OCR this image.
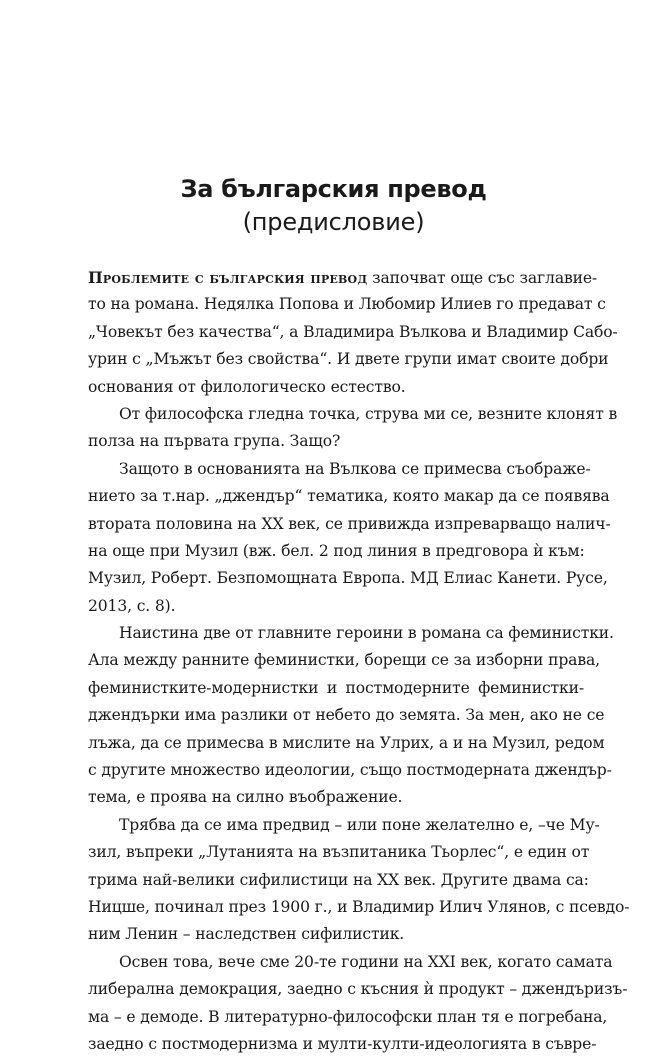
За българския превод
(предисловие)
Проблемите с българския превод започват още със заглавие-
то на романа. Недялка Попова и Любомир Илиев го предават с
„Човекът без качества“, а Владимира Вълкова и Владимир Сабо-
урин с „Мъжът без свойства“. И двете групи имат своите добри
основания от филологическо естество.
От философска гледна точка, струва ми се, везните клонят в
полза на първата група. Защо?
Защото в основанията на Вълкова се примесва съображе-
нието за т.нар. „джендър“ тематика, която макар да се появява
втората половина на ХХ век, се привижда изпреварващо налич-
на още при Музил (вж. бел. 2 под линия в предговора ѝ към:
Музил, Роберт. Безпомощната Европа. МД Елиас Канети. Русе,
2013, с. 8).
Наистина две от главните героини в романа са феминистки.
Ала между ранните феминистки, борещи се за изборни права,
феминистките-модернистки и постмодерните феминистки-
джендърки има разлики от небето до земята. За мен, ако не се
лъжа, да се примесва в мислите на Улрих, а и на Музил, редом
с другите множество идеологии, също постмодерната джендър-
тема, е проява на силно въображение.
Трябва да се има предвид – или поне желателно е, –че Му-
зил, въпреки „Лутанията на възпитаника Тьорлес“, е един от
трима най-велики сифилистици на ХХ век. Другите двама са:
Ницше, починал през 1900 г., и Владимир Илич Улянов, с псевдо-
ним Ленин – наследствен сифилистик.
Освен това, вече сме 20-те години на ХХI век, когато самата
либерална демокрация, заедно с късния ѝ продукт – джендъризъ-
ма – е демоде. В литературно-философски план тя е погребана,
заедно с постмодернизма и мулти-култи-идеологията в съвре-
